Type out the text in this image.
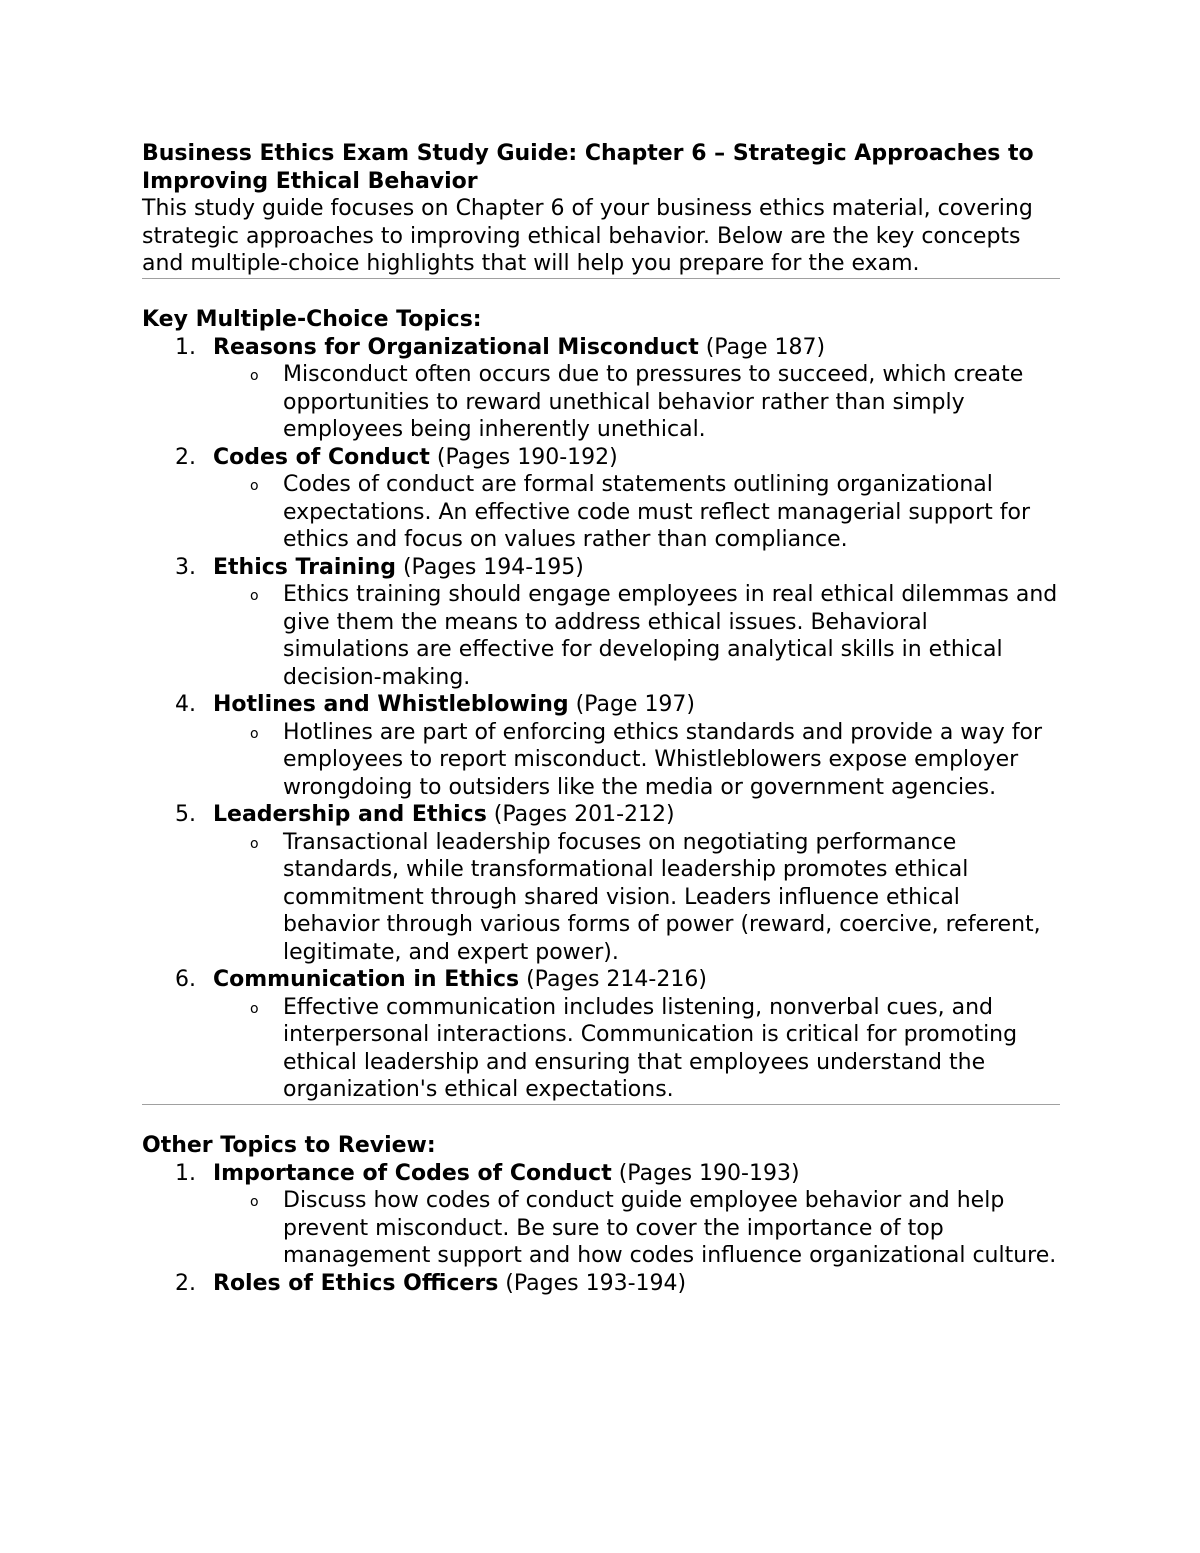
Business Ethics Exam Study Guide: Chapter 6 – Strategic Approaches to Improving Ethical Behavior

This study guide focuses on Chapter 6 of your business ethics material, covering strategic approaches to improving ethical behavior. Below are the key concepts and multiple-choice highlights that will help you prepare for the exam.

Key Multiple-Choice Topics:

1. Reasons for Organizational Misconduct (Page 187)
o Misconduct often occurs due to pressures to succeed, which create opportunities to reward unethical behavior rather than simply employees being inherently unethical.
2. Codes of Conduct (Pages 190-192)
o Codes of conduct are formal statements outlining organizational expectations. An effective code must reflect managerial support for ethics and focus on values rather than compliance.
3. Ethics Training (Pages 194-195)
o Ethics training should engage employees in real ethical dilemmas and give them the means to address ethical issues. Behavioral simulations are effective for developing analytical skills in ethical decision-making.
4. Hotlines and Whistleblowing (Page 197)
o Hotlines are part of enforcing ethics standards and provide a way for employees to report misconduct. Whistleblowers expose employer wrongdoing to outsiders like the media or government agencies.
5. Leadership and Ethics (Pages 201-212)
o Transactional leadership focuses on negotiating performance standards, while transformational leadership promotes ethical commitment through shared vision. Leaders influence ethical behavior through various forms of power (reward, coercive, referent, legitimate, and expert power).
6. Communication in Ethics (Pages 214-216)
o Effective communication includes listening, nonverbal cues, and interpersonal interactions. Communication is critical for promoting ethical leadership and ensuring that employees understand the organization's ethical expectations.

Other Topics to Review:

1. Importance of Codes of Conduct (Pages 190-193)
o Discuss how codes of conduct guide employee behavior and help prevent misconduct. Be sure to cover the importance of top management support and how codes influence organizational culture.
2. Roles of Ethics Officers (Pages 193-194)
